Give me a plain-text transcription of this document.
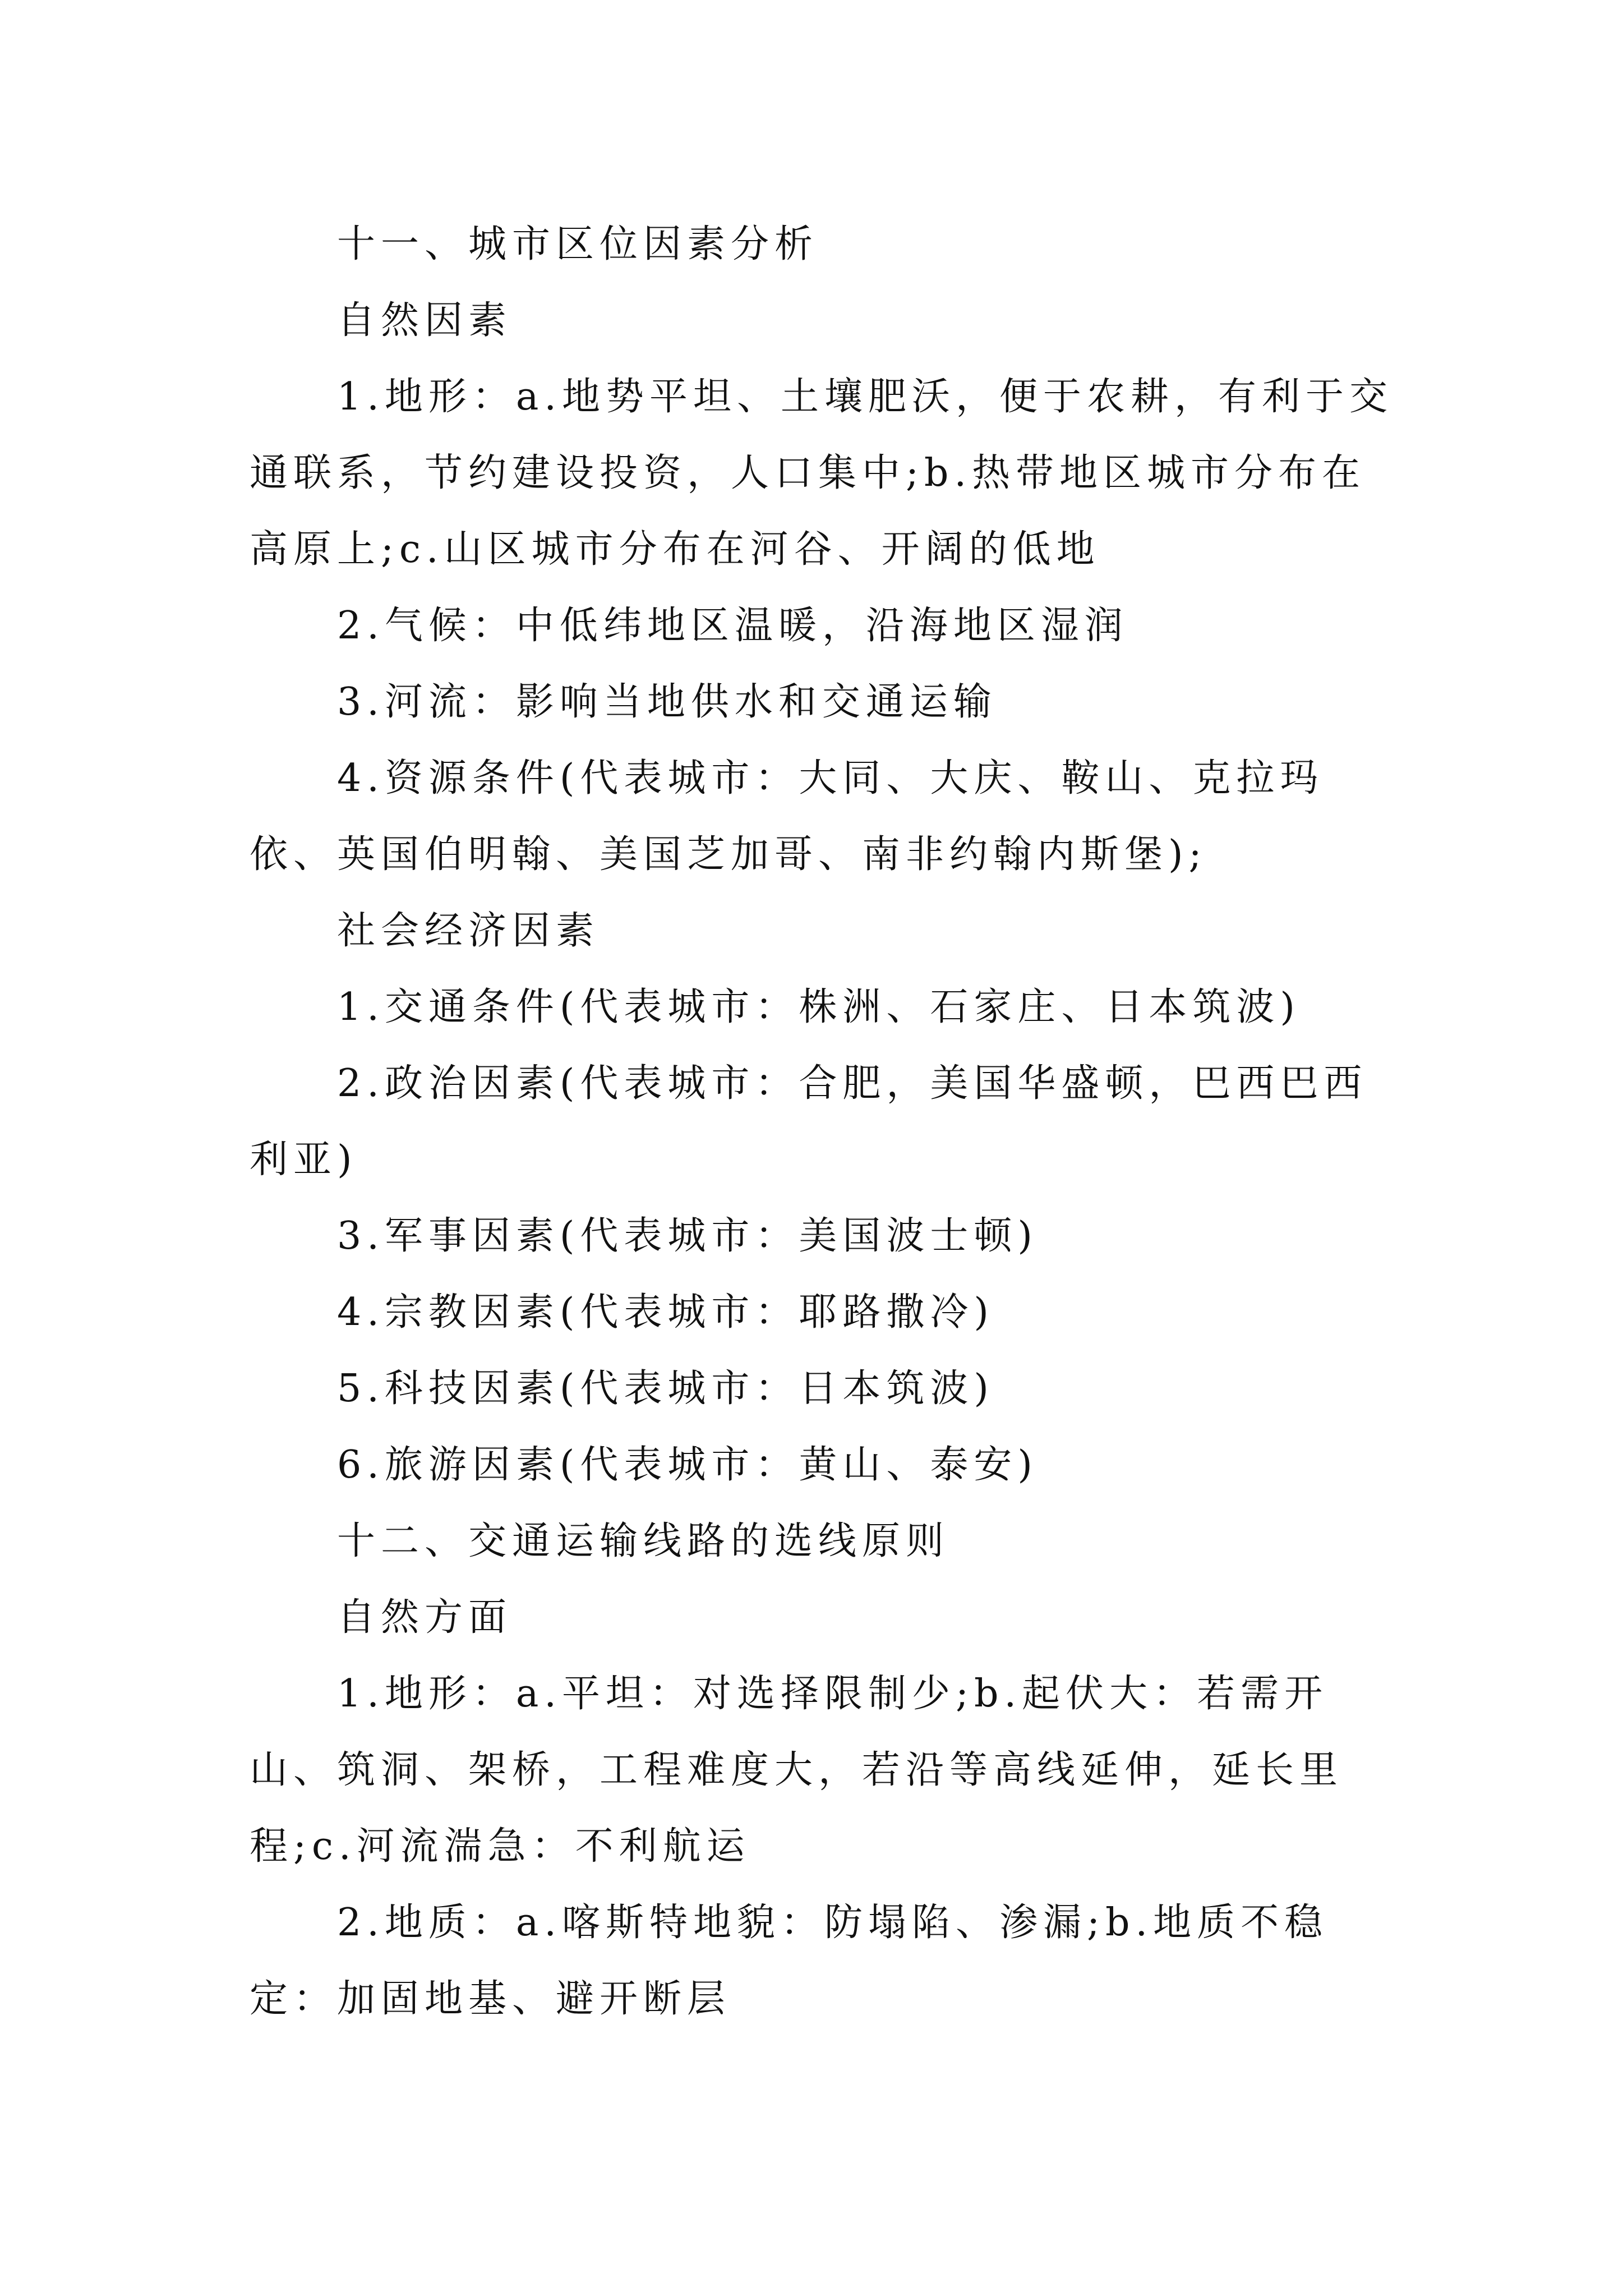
十一、城市区位因素分析

自然因素

1.地形：a.地势平坦、土壤肥沃，便于农耕，有利于交通联系，节约建设投资，人口集中;b.热带地区城市分布在高原上;c.山区城市分布在河谷、开阔的低地

2.气候：中低纬地区温暖，沿海地区湿润

3.河流：影响当地供水和交通运输

4.资源条件(代表城市：大同、大庆、鞍山、克拉玛依、英国伯明翰、美国芝加哥、南非约翰内斯堡);

社会经济因素

1.交通条件(代表城市：株洲、石家庄、日本筑波)

2.政治因素(代表城市：合肥，美国华盛顿，巴西巴西利亚)

3.军事因素(代表城市：美国波士顿)

4.宗教因素(代表城市：耶路撒冷)

5.科技因素(代表城市：日本筑波)

6.旅游因素(代表城市：黄山、泰安)

十二、交通运输线路的选线原则

自然方面

1.地形：a.平坦：对选择限制少;b.起伏大：若需开山、筑洞、架桥，工程难度大，若沿等高线延伸，延长里程;c.河流湍急：不利航运

2.地质：a.喀斯特地貌：防塌陷、渗漏;b.地质不稳定：加固地基、避开断层
